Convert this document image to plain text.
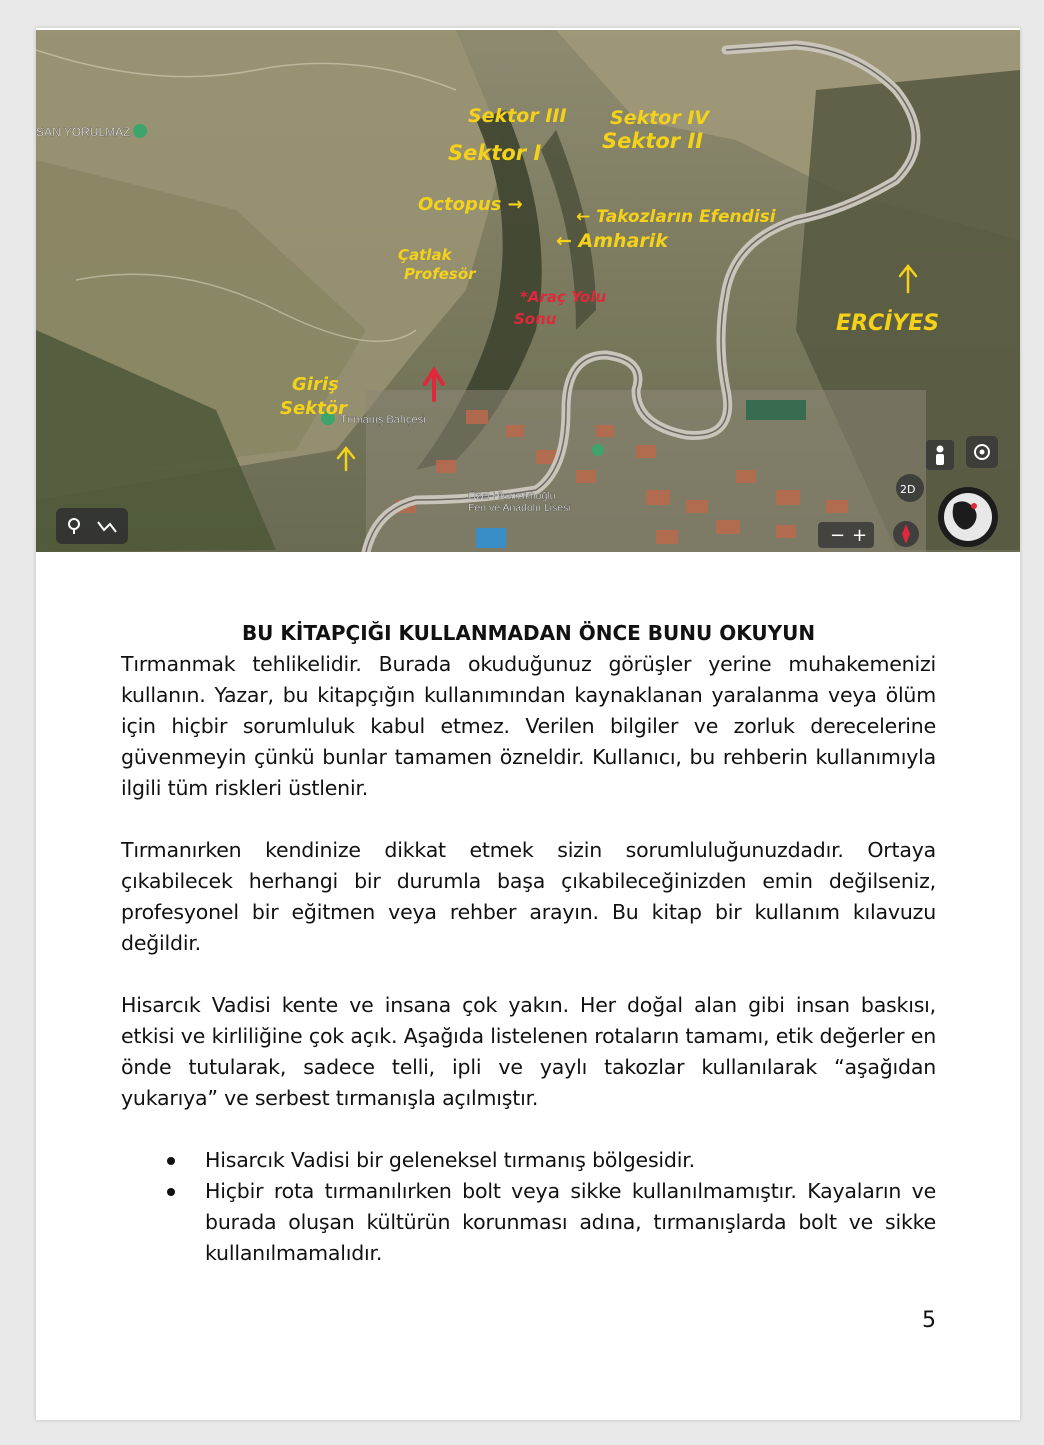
SAN YORULMAZ
Tırmanış Bahçesi
Özel Hisarcıklıoğlu
Fen ve Anadolu Lisesi
Sektor III Sektor IV
Sektor II
Sektor I
Octopus →
← Takozların Efendisi
← Amharik
Çatlak
Profesör
ERCİYES
Giriş
Sektör
*Araç Yolu
Sonu
− +
2D

BU KİTAPÇIĞI KULLANMADAN ÖNCE BUNU OKUYUN

Tırmanmak tehlikelidir. Burada okuduğunuz görüşler yerine muhakemenizi kullanın. Yazar, bu kitapçığın kullanımından kaynaklanan yaralanma veya ölüm için hiçbir sorumluluk kabul etmez. Verilen bilgiler ve zorluk derecelerine güvenmeyin çünkü bunlar tamamen özneldir. Kullanıcı, bu rehberin kullanımıyla ilgili tüm riskleri üstlenir.

Tırmanırken kendinize dikkat etmek sizin sorumluluğunuzdadır. Ortaya çıkabilecek herhangi bir durumla başa çıkabileceğinizden emin değilseniz, profesyonel bir eğitmen veya rehber arayın. Bu kitap bir kullanım kılavuzu değildir.

Hisarcık Vadisi kente ve insana çok yakın. Her doğal alan gibi insan baskısı, etkisi ve kirliliğine çok açık. Aşağıda listelenen rotaların tamamı, etik değerler en önde tutularak, sadece telli, ipli ve yaylı takozlar kullanılarak “aşağıdan yukarıya” ve serbest tırmanışla açılmıştır.

Hisarcık Vadisi bir geleneksel tırmanış bölgesidir.
Hiçbir rota tırmanılırken bolt veya sikke kullanılmamıştır. Kayaların ve burada oluşan kültürün korunması adına, tırmanışlarda bolt ve sikke kullanılmamalıdır.
5
